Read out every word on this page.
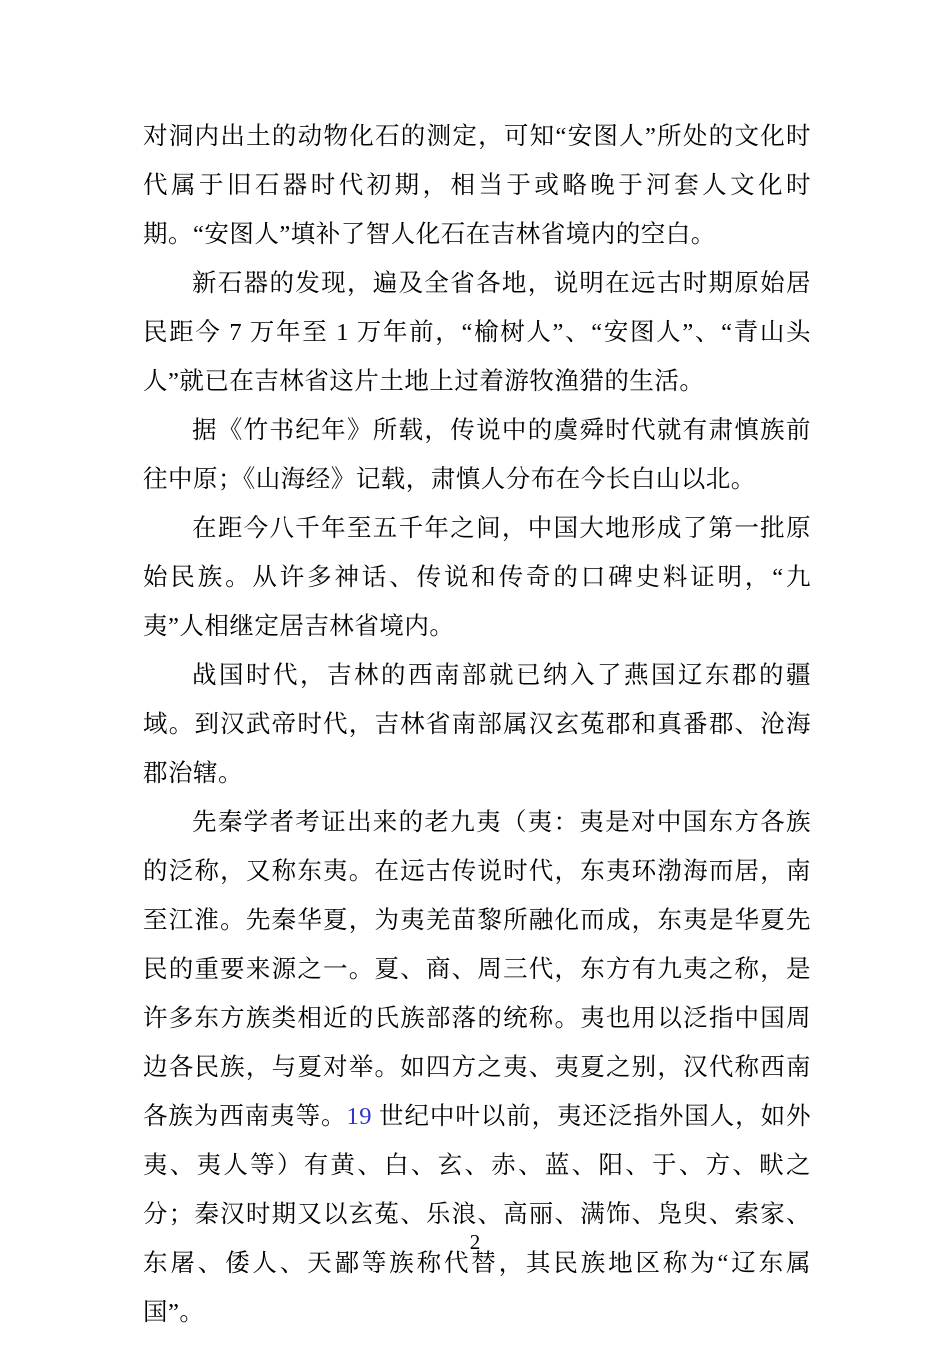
对洞内出土的动物化石的测定，可知“安图人”所处的文化时代属于旧石器时代初期，相当于或略晚于河套人文化时期。“安图人”填补了智人化石在吉林省境内的空白。

新石器的发现，遍及全省各地，说明在远古时期原始居民距今 7 万年至 1 万年前，“榆树人”、“安图人”、“青山头人”就已在吉林省这片土地上过着游牧渔猎的生活。

据《竹书纪年》所载，传说中的虞舜时代就有肃慎族前往中原；《山海经》记载，肃慎人分布在今长白山以北。

在距今八千年至五千年之间，中国大地形成了第一批原始民族。从许多神话、传说和传奇的口碑史料证明，“九夷”人相继定居吉林省境内。

战国时代，吉林的西南部就已纳入了燕国辽东郡的疆域。到汉武帝时代，吉林省南部属汉玄菟郡和真番郡、沧海郡治辖。

先秦学者考证出来的老九夷（夷：夷是对中国东方各族的泛称，又称东夷。在远古传说时代，东夷环渤海而居，南至江淮。先秦华夏，为夷羌苗黎所融化而成，东夷是华夏先民的重要来源之一。夏、商、周三代，东方有九夷之称，是许多东方族类相近的氏族部落的统称。夷也用以泛指中国周边各民族，与夏对举。如四方之夷、夷夏之别，汉代称西南各族为西南夷等。19 世纪中叶以前，夷还泛指外国人，如外夷、夷人等）有黄、白、玄、赤、蓝、阳、于、方、畎之分；秦汉时期又以玄菟、乐浪、高丽、满饰、凫臾、索家、东屠、倭人、天鄙等族称代替，其民族地区称为“辽东属国”。

2
